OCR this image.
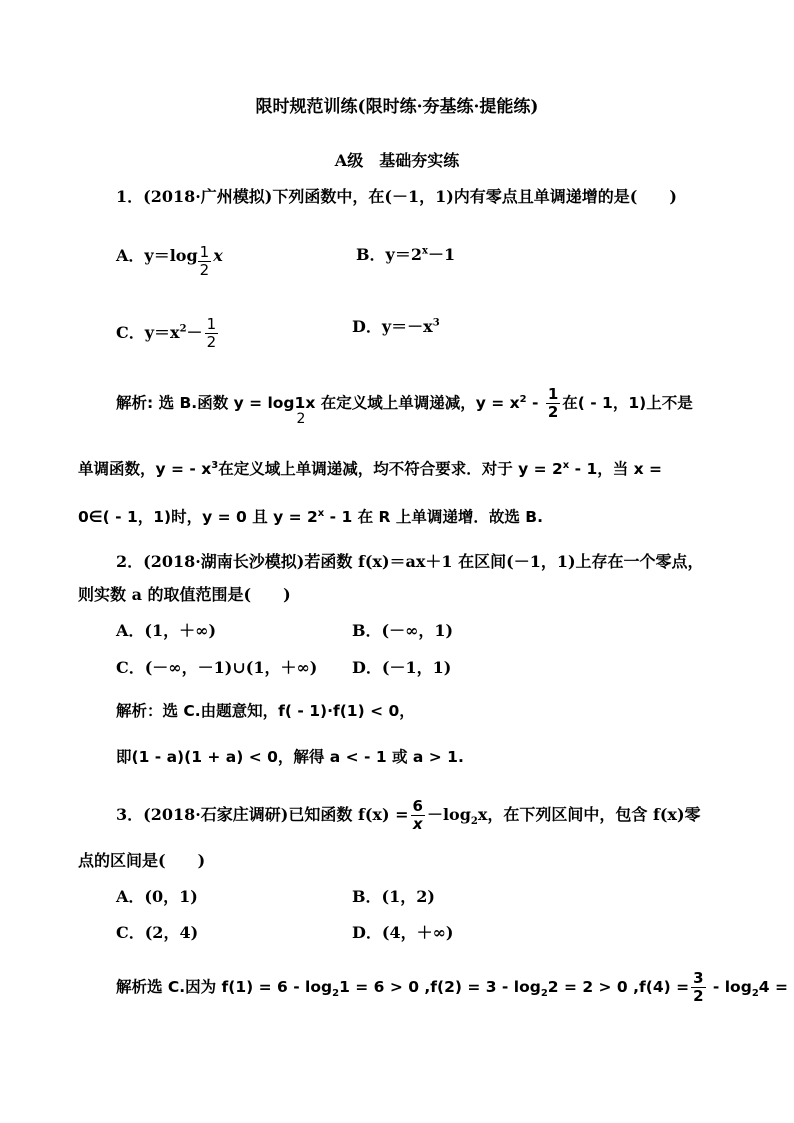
限时规范训练(限时练·夯基练·提能练)
A级　基础夯实练
1．(2018·广州模拟)下列函数中，在(－1，1)内有零点且单调递增的是(　　)
A．$y=\log \frac{1}{2}$ x	B．$y=2^x-1$
C．$y=x^2- \frac{1}{2}$	D．$y=-x^3$
解析: 选 B.函数 y = log1
2
x 在定义域上单调递减，$y = x^2 - \frac{1}{2}$ 在( - 1，1)上不是
单调函数，y = - $x^3$在定义域上单调递减，均不符合要求．对于 $y = 2^x - 1$，当 x =
0∈( - 1，1)时，y = 0 且 $y = 2^x - 1$ 在 R 上单调递增．故选 B.
2．(2018·湖南长沙模拟)若函数 f(x)＝ax＋1 在区间(－1，1)上存在一个零点，
则实数 a 的取值范围是(　　)
A．(1，＋∞)	B．(－∞，1)
C．(－∞，－1)∪(1，＋∞) D．(－1，1)
解析：选 C.由题意知，f( - 1)·f(1) < 0，
即(1 - a)(1 + a) < 0，解得 a < - 1 或 a > 1.
3．(2018·石家庄调研)已知函数 $f(x) = \frac{6}{x} -\log_2x$，在下列区间中，包含 f(x)零
点的区间是(　　)
A．(0，1)	B．(1，2)
C．(2，4)	D．(4，＋∞)
解析选 C.因为 $f(1) = 6 - \log_21 = 6 > 0$ $,f(2) = 3 - \log_22 = 2 > 0$ $,f(4) = \frac{3}{2} - \log_24$ =
